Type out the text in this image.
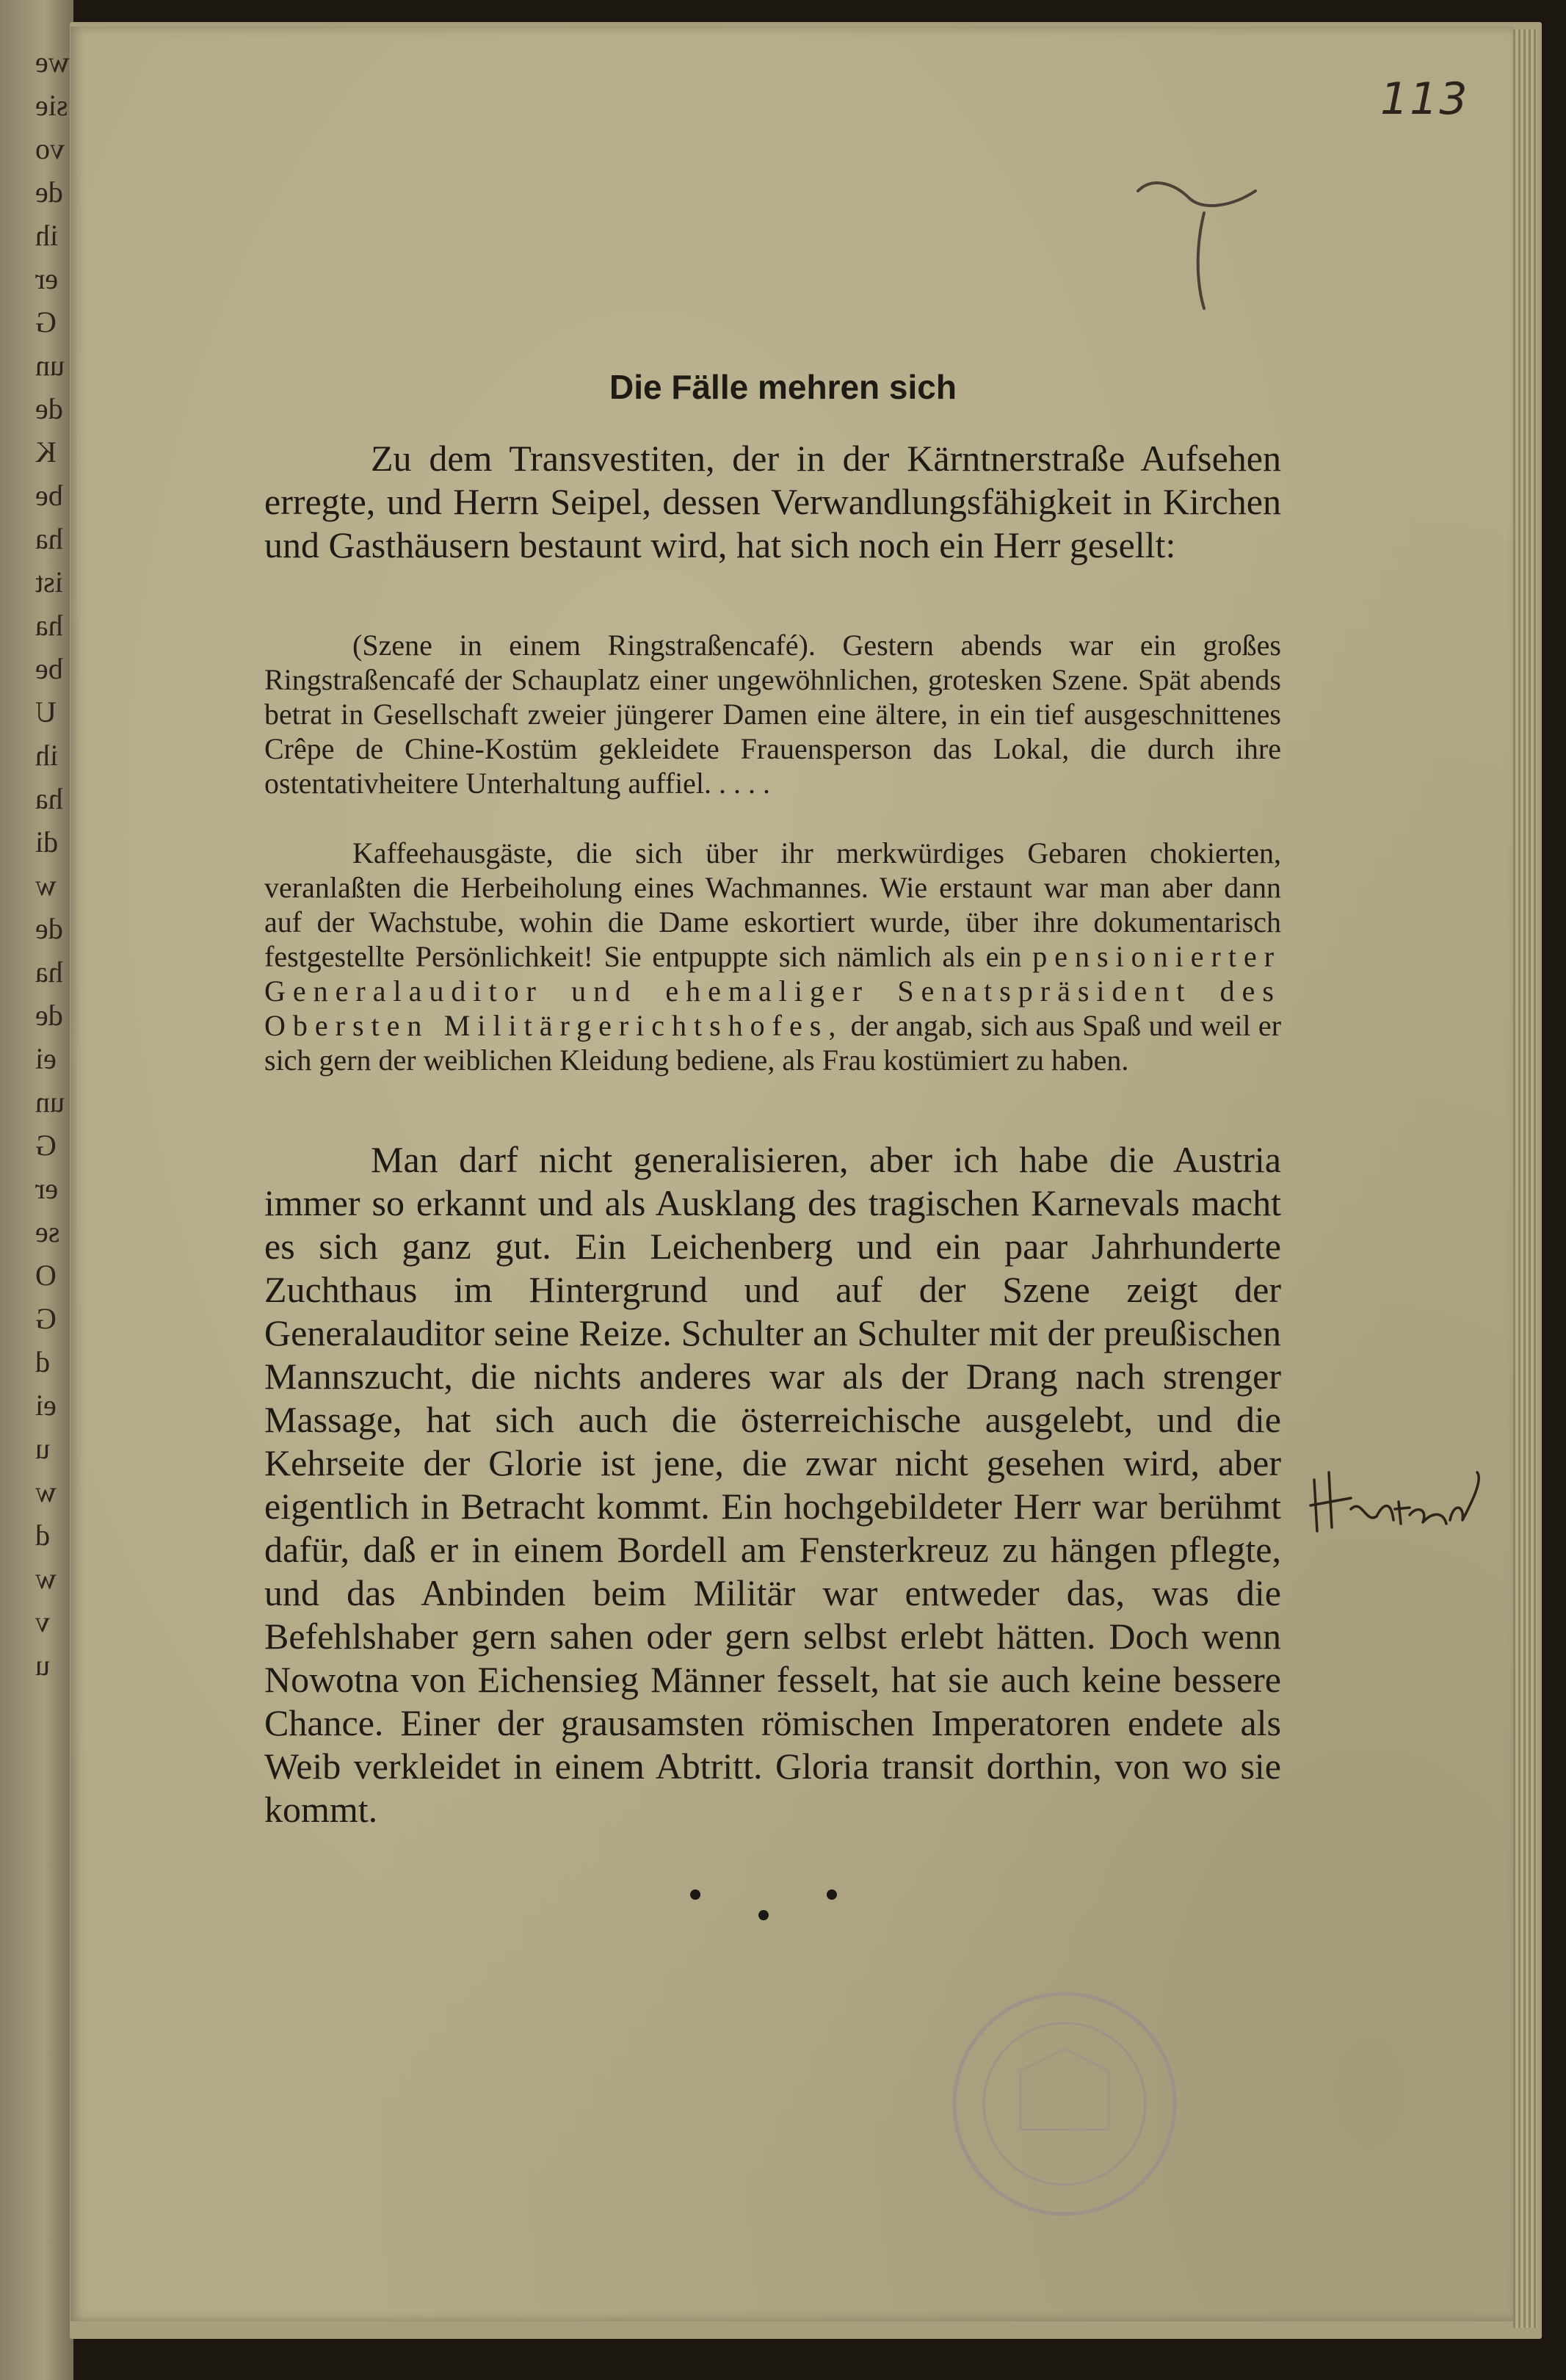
we
sie
vo
de
ih
er
G
un
de
K
be
ha
ist
ha
be
U
ih
ha
di
w
de
ha
de
ei
un
G
er
se
O
G
d
ei
u
w
d
w
v
u
113
Die Fälle mehren sich

Zu dem Transvestiten, der in der Kärntnerstraße Aufsehen erregte, und Herrn Seipel, dessen Verwandlungsfähigkeit in Kirchen und Gasthäusern bestaunt wird, hat sich noch ein Herr gesellt:

(Szene in einem Ringstraßencafé). Gestern abends war ein großes Ringstraßencafé der Schauplatz einer ungewöhnlichen, grotesken Szene. Spät abends betrat in Gesellschaft zweier jüngerer Damen eine ältere, in ein tief ausgeschnittenes Crêpe de Chine-Kostüm gekleidete Frauensperson das Lokal, die durch ihre ostentativheitere Unterhaltung auffiel. . . . .

Kaffeehausgäste, die sich über ihr merkwürdiges Gebaren chokierten, veranlaßten die Herbeiholung eines Wachmannes. Wie erstaunt war man aber dann auf der Wachstube, wohin die Dame eskortiert wurde, über ihre dokumentarisch festgestellte Persönlichkeit! Sie entpuppte sich nämlich als ein pensionierter Generalauditor und ehemaliger Senatspräsident des Obersten Militärgerichtshofes, der angab, sich aus Spaß und weil er sich gern der weiblichen Kleidung bediene, als Frau kostümiert zu haben.

Man darf nicht generalisieren, aber ich habe die Austria immer so erkannt und als Ausklang des tragischen Karnevals macht es sich ganz gut. Ein Leichenberg und ein paar Jahrhunderte Zuchthaus im Hintergrund und auf der Szene zeigt der Generalauditor seine Reize. Schulter an Schulter mit der preußischen Mannszucht, die nichts anderes war als der Drang nach strenger Massage, hat sich auch die österreichische ausgelebt, und die Kehrseite der Glorie ist jene, die zwar nicht gesehen wird, aber eigentlich in Betracht kommt. Ein hochgebildeter Herr war berühmt dafür, daß er in einem Bordell am Fensterkreuz zu hängen pflegte, und das Anbinden beim Militär war entweder das, was die Befehlshaber gern sahen oder gern selbst erlebt hätten. Doch wenn Nowotna von Eichensieg Männer fesselt, hat sie auch keine bessere Chance. Einer der grausamsten römischen Imperatoren endete als Weib verkleidet in einem Abtritt. Gloria transit dorthin, von wo sie kommt.
